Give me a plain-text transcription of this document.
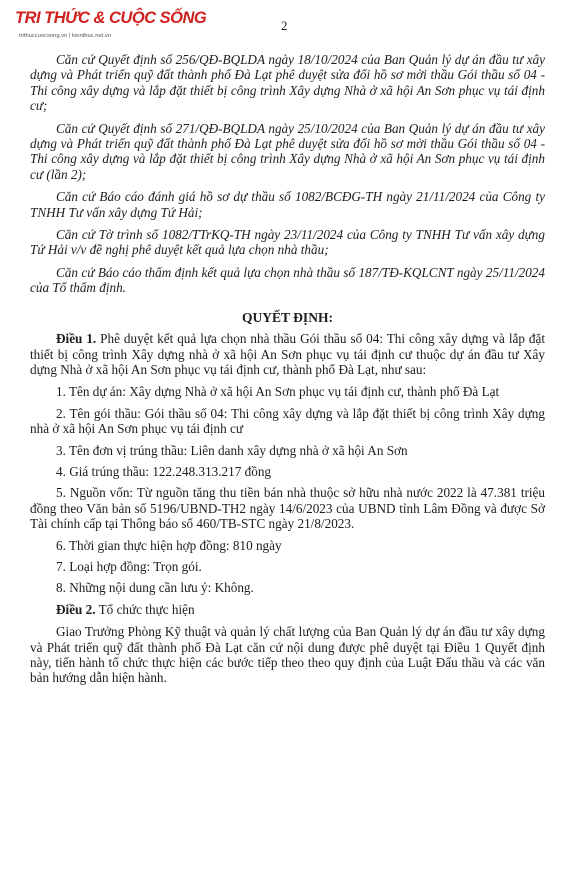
TRI THỨC & CUỘC SỐNG
trithuccuocsong.vn | kienthuc.net.vn
2

Căn cứ Quyết định số 256/QĐ-BQLDA ngày 18/10/2024 của Ban Quản lý dự án đầu tư xây dựng và Phát triển quỹ đất thành phố Đà Lạt phê duyệt sửa đổi hồ sơ mời thầu Gói thầu số 04 - Thi công xây dựng và lắp đặt thiết bị công trình Xây dựng Nhà ở xã hội An Sơn phục vụ tái định cư;

Căn cứ Quyết định số 271/QĐ-BQLDA ngày 25/10/2024 của Ban Quản lý dự án đầu tư xây dựng và Phát triển quỹ đất thành phố Đà Lạt phê duyệt sửa đổi hồ sơ mời thầu Gói thầu số 04 - Thi công xây dựng và lắp đặt thiết bị công trình Xây dựng Nhà ở xã hội An Sơn phục vụ tái định cư (lần 2);

Căn cứ Báo cáo đánh giá hồ sơ dự thầu số 1082/BCĐG-TH ngày 21/11/2024 của Công ty TNHH Tư vấn xây dựng Tứ Hải;

Căn cứ Tờ trình số 1082/TTrKQ-TH ngày 23/11/2024 của Công ty TNHH Tư vấn xây dựng Tứ Hải v/v đề nghị phê duyệt kết quả lựa chọn nhà thầu;

Căn cứ Báo cáo thẩm định kết quả lựa chọn nhà thầu số 187/TĐ-KQLCNT ngày 25/11/2024 của Tổ thẩm định.

QUYẾT ĐỊNH:

Điều 1. Phê duyệt kết quả lựa chọn nhà thầu Gói thầu số 04: Thi công xây dựng và lắp đặt thiết bị công trình Xây dựng nhà ở xã hội An Sơn phục vụ tái định cư thuộc dự án đầu tư Xây dựng Nhà ở xã hội An Sơn phục vụ tái định cư, thành phố Đà Lạt, như sau:

1. Tên dự án: Xây dựng Nhà ở xã hội An Sơn phục vụ tái định cư, thành phố Đà Lạt

2. Tên gói thầu: Gói thầu số 04: Thi công xây dựng và lắp đặt thiết bị công trình Xây dựng nhà ở xã hội An Sơn phục vụ tái định cư

3. Tên đơn vị trúng thầu: Liên danh xây dựng nhà ở xã hội An Sơn

4. Giá trúng thầu: 122.248.313.217 đồng

5. Nguồn vốn: Từ nguồn tăng thu tiền bán nhà thuộc sở hữu nhà nước 2022 là 47.381 triệu đồng theo Văn bản số 5196/UBND-TH2 ngày 14/6/2023 của UBND tỉnh Lâm Đồng và được Sở Tài chính cấp tại Thông báo số 460/TB-STC ngày 21/8/2023.

6. Thời gian thực hiện hợp đồng: 810 ngày

7. Loại hợp đồng: Trọn gói.

8. Những nội dung cần lưu ý: Không.

Điều 2. Tổ chức thực hiện

Giao Trưởng Phòng Kỹ thuật và quản lý chất lượng của Ban Quản lý dự án đầu tư xây dựng và Phát triển quỹ đất thành phố Đà Lạt căn cứ nội dung được phê duyệt tại Điều 1 Quyết định này, tiến hành tổ chức thực hiện các bước tiếp theo theo quy định của Luật Đấu thầu và các văn bản hướng dẫn hiện hành.
